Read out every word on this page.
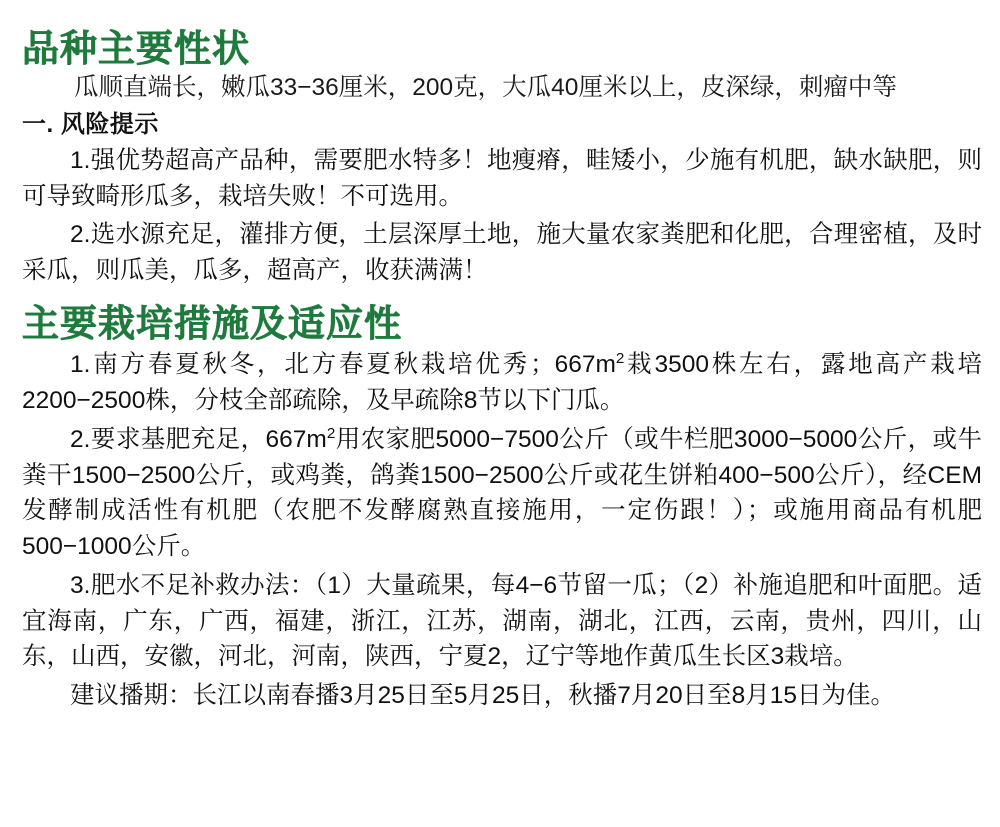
品种主要性状

瓜顺直端长，嫩瓜33−36厘米，200克，大瓜40厘米以上，皮深绿，刺瘤中等

一. 风险提示

1.强优势超高产品种，需要肥水特多！地瘦瘠，畦矮小，少施有机肥，缺水缺肥，则可导致畸形瓜多，栽培失败！不可选用。

2.选水源充足，灌排方便，土层深厚土地，施大量农家粪肥和化肥，合理密植，及时采瓜，则瓜美，瓜多，超高产，收获满满！

主要栽培措施及适应性

1.南方春夏秋冬，北方春夏秋栽培优秀；$667m^2$栽3500株左右，露地高产栽培2200−2500株，分枝全部疏除，及早疏除8节以下门瓜。

2.要求基肥充足，$667m^2$用农家肥5000−7500公斤（或牛栏肥3000−5000公斤，或牛粪干1500−2500公斤，或鸡粪，鸽粪1500−2500公斤或花生饼粕400−500公斤），经CEM发酵制成活性有机肥（农肥不发酵腐熟直接施用，一定伤跟！）；或施用商品有机肥500−1000公斤。

3.肥水不足补救办法：（1）大量疏果，每4−6节留一瓜；（2）补施追肥和叶面肥。适宜海南，广东，广西，福建，浙江，江苏，湖南，湖北，江西，云南，贵州，四川，山东，山西，安徽，河北，河南，陕西，宁夏2，辽宁等地作黄瓜生长区3栽培。

建议播期：长江以南春播3月25日至5月25日，秋播7月20日至8月15日为佳。
